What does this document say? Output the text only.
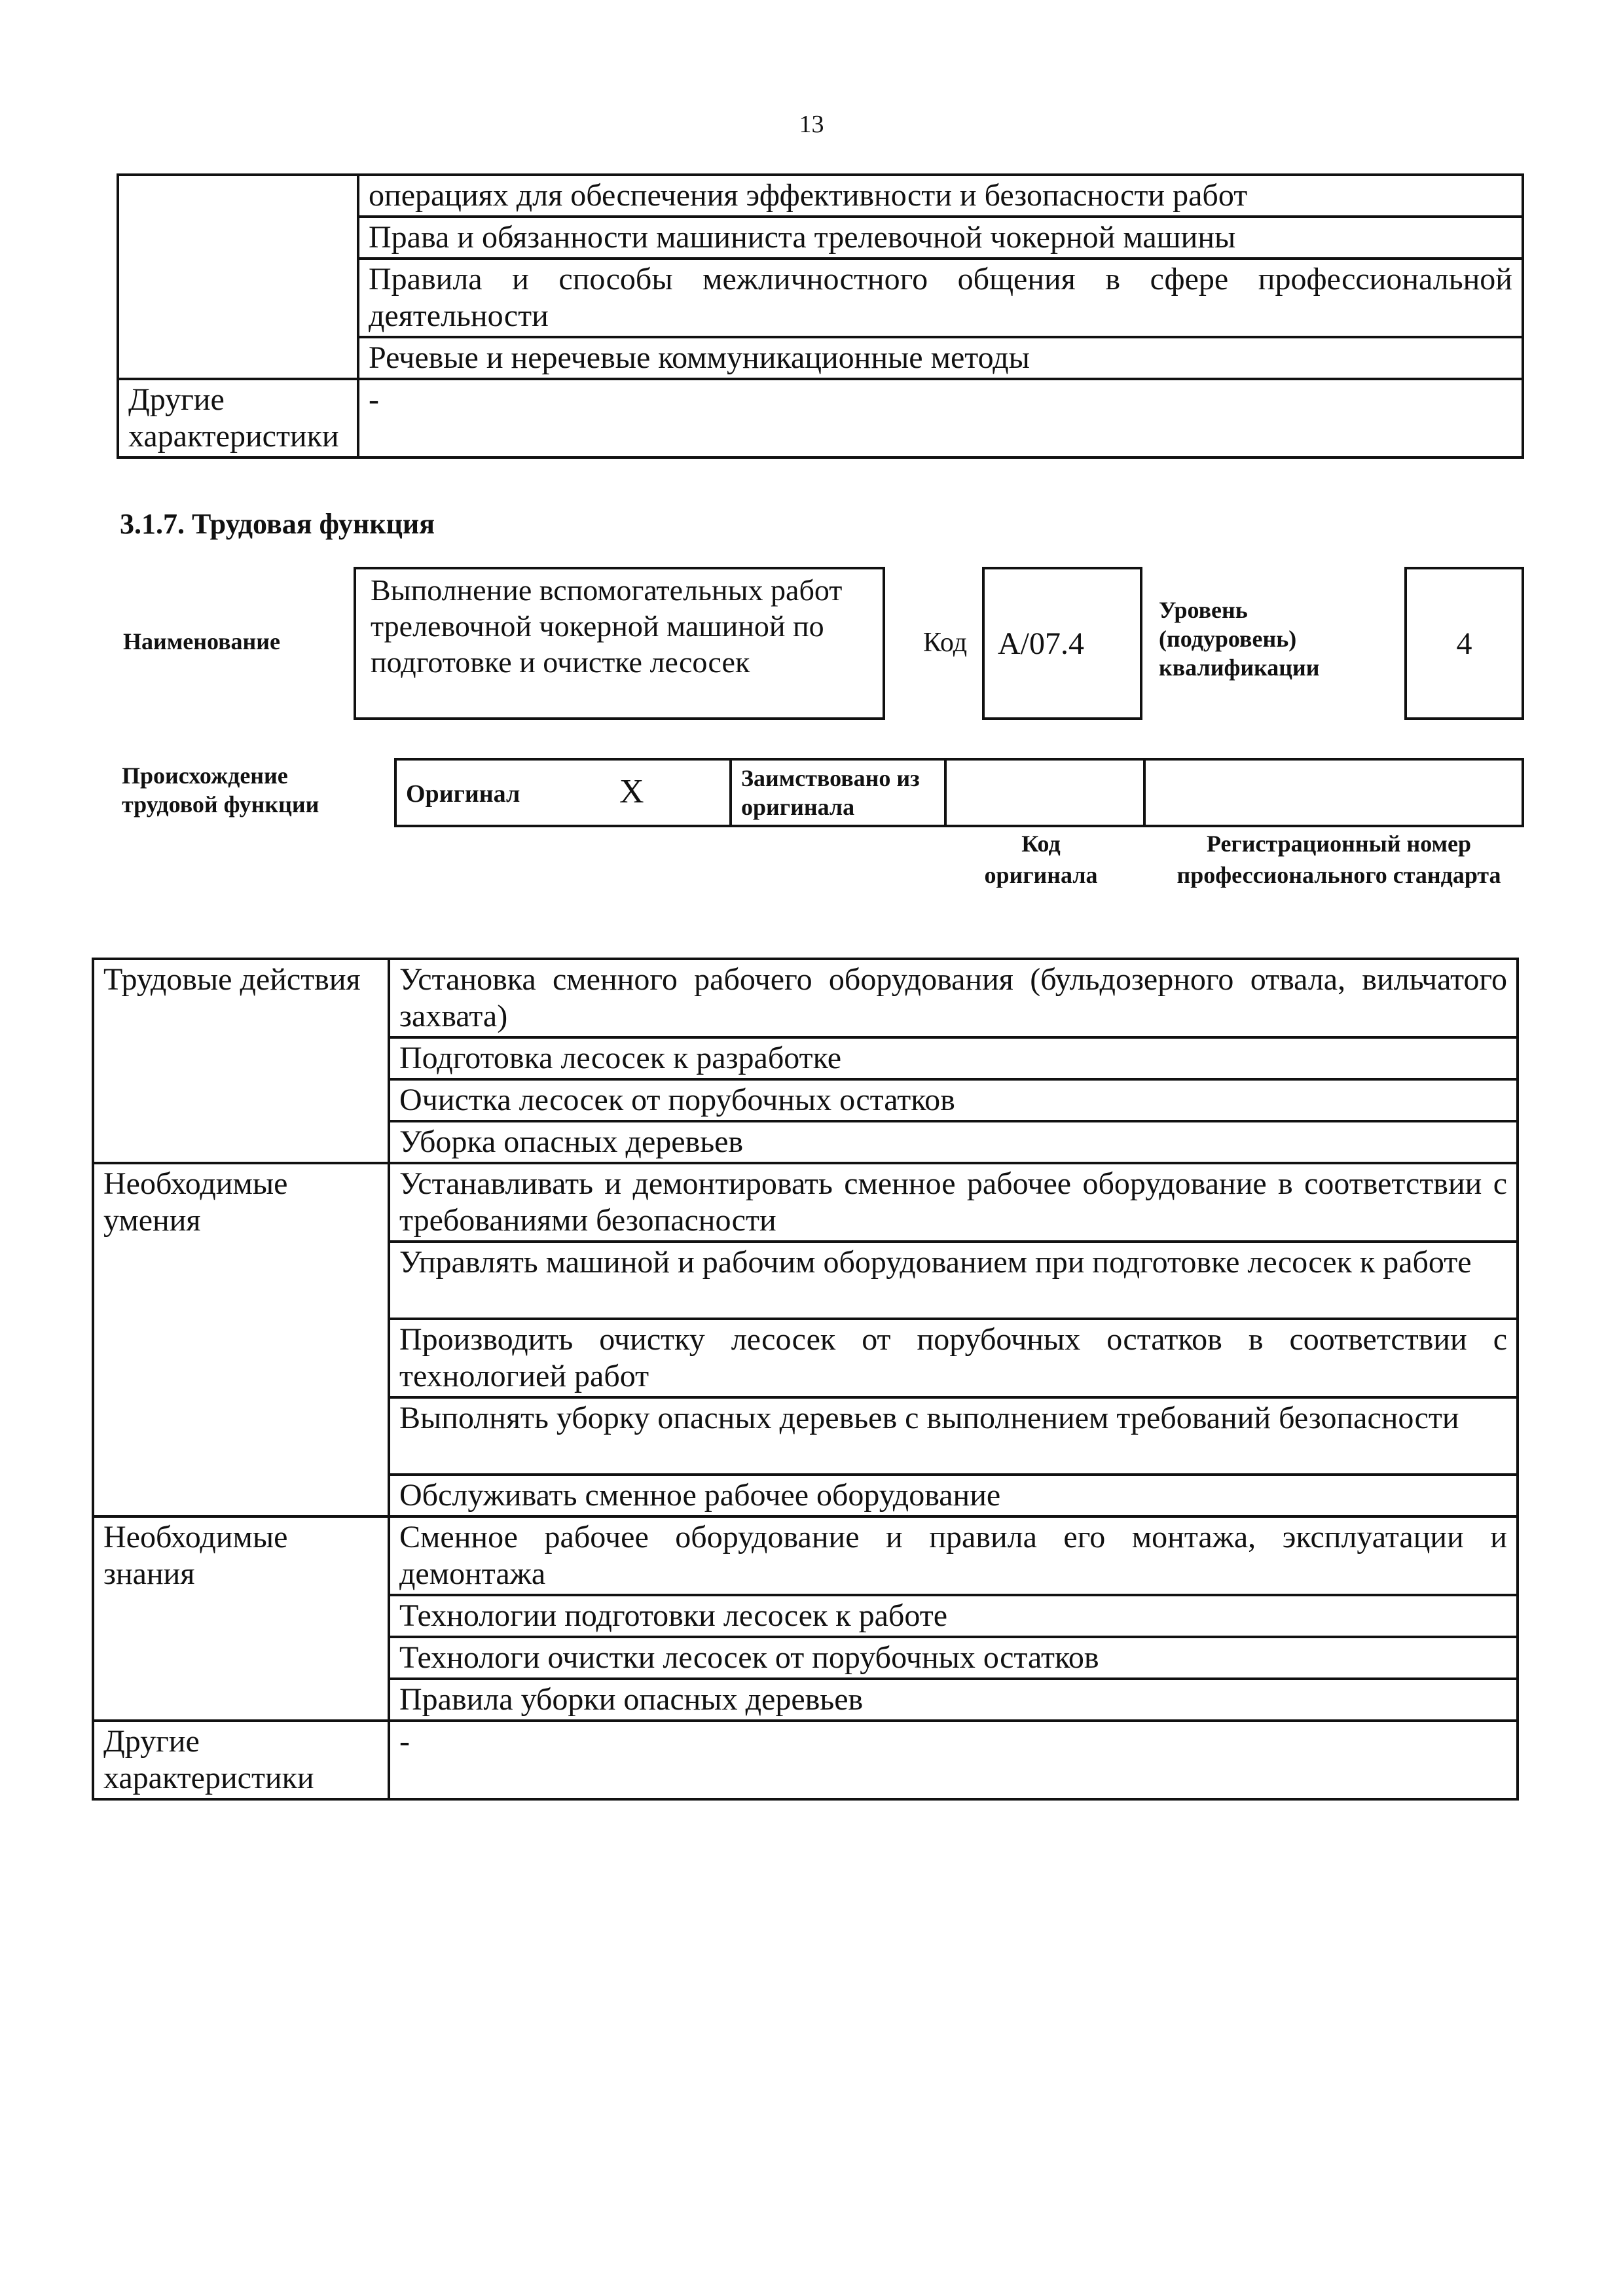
13
	операциях для обеспечения эффективности и безопасности работ
	Права и обязанности машиниста трелевочной чокерной машины
	Правила и способы межличностного общения в сфере профессиональной деятельности
	Речевые и неречевые коммуникационные методы
Другие характеристики	-
3.1.7. Трудовая функция
Наименование
Выполнение вспомогательных работ трелевочной чокерной машиной по подготовке и очистке лесосек
Код А/07.4
Уровень (подуровень) квалификации
4
Происхождение трудовой функции	Оригинал	X	Заимствовано из оригинала

Код оригинала
Регистрационный номер профессионального стандарта
Трудовые действия	Установка сменного рабочего оборудования (бульдозерного отвала, вильчатого захвата)
	Подготовка лесосек к разработке
	Очистка лесосек от порубочных остатков
	Уборка опасных деревьев
Необходимые умения	Устанавливать и демонтировать сменное рабочее оборудование в соответствии с требованиями безопасности
	Управлять машиной и рабочим оборудованием при подготовке лесосек к работе
	Производить очистку лесосек от порубочных остатков в соответствии с технологией работ
	Выполнять уборку опасных деревьев с выполнением требований безопасности
	Обслуживать сменное рабочее оборудование
Необходимые знания	Сменное рабочее оборудование и правила его монтажа, эксплуатации и демонтажа
	Технологии подготовки лесосек к работе
	Технологи очистки лесосек от порубочных остатков
	Правила уборки опасных деревьев
Другие характеристики	-
